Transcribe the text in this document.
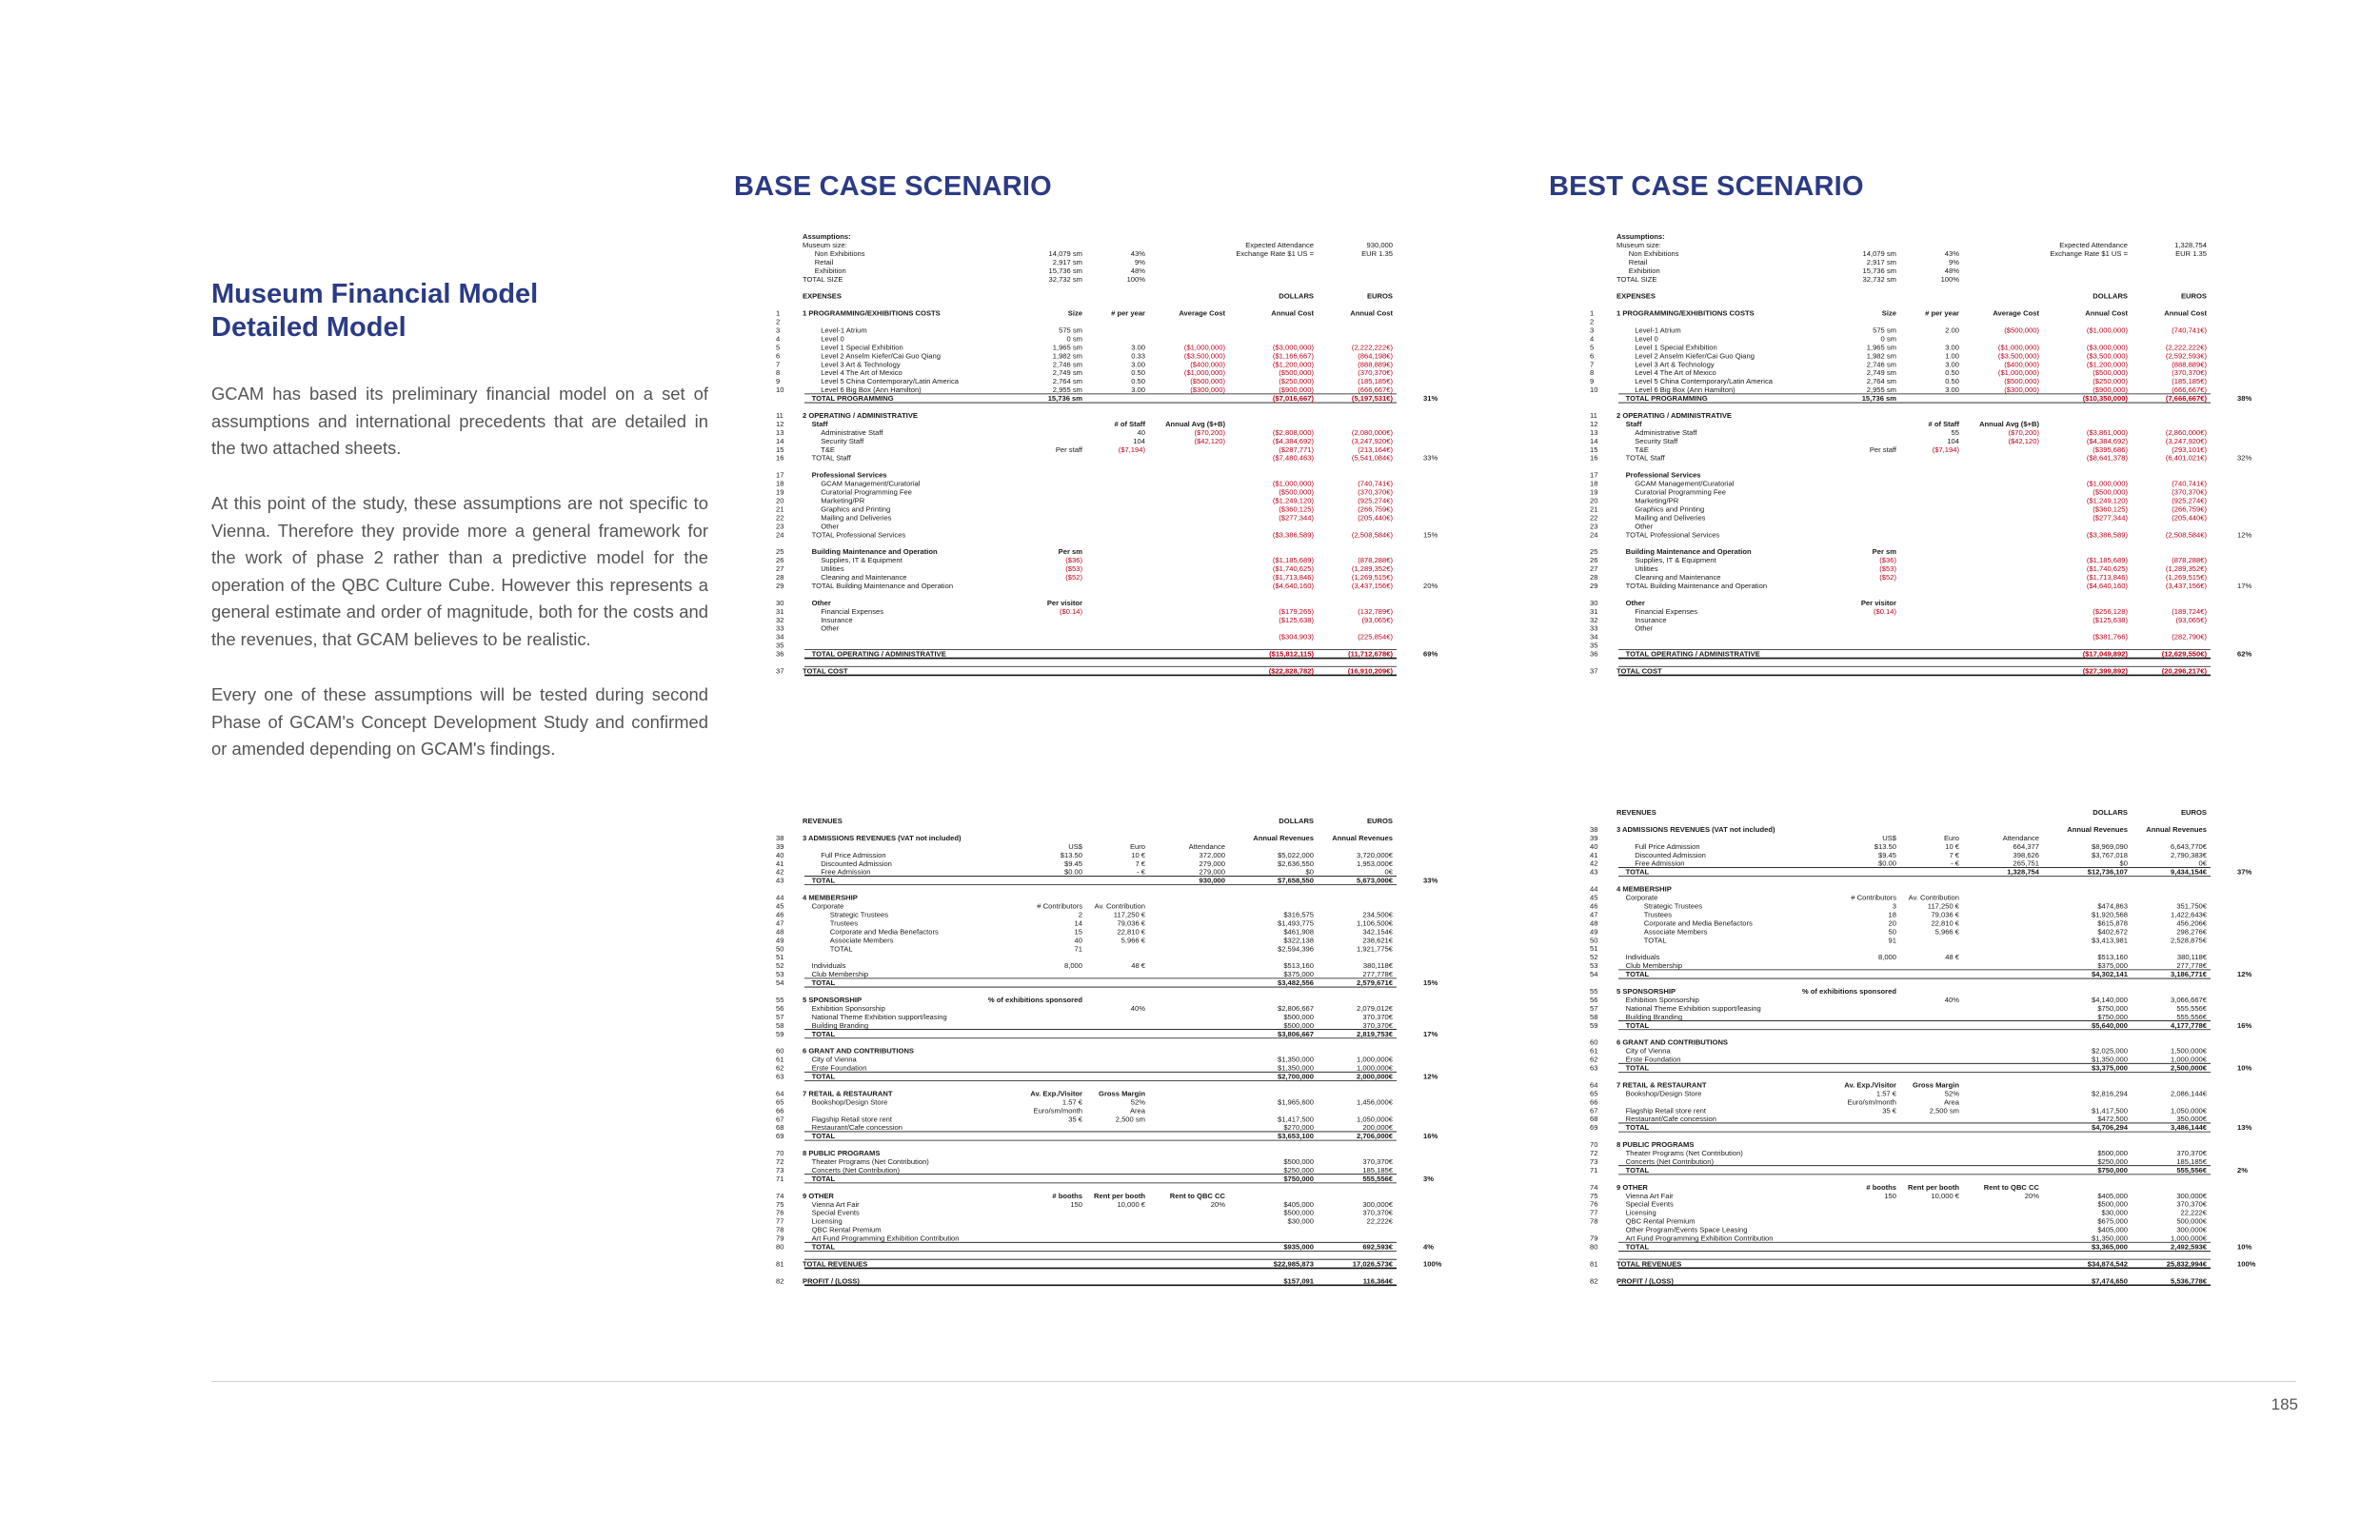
Museum Financial Model
Detailed Model
GCAM has based its preliminary financial model on a set of assumptions and international precedents that are detailed in the two attached sheets.
At this point of the study, these assumptions are not specific to Vienna. Therefore they provide more a general framework for the work of phase 2 rather than a predictive model for the operation of the QBC Culture Cube. However this represents a general estimate and order of magnitude, both for the costs and the revenues, that GCAM believes to be realistic.
Every one of these assumptions will be tested during second Phase of GCAM's Concept Development Study and confirmed or amended depending on GCAM's findings.
BASE CASE SCENARIO	BEST CASE SCENARIO
Assumptions:
Museum size:	Expected Attendance	930,000
Non Exhibitions	14,079 sm	43%	Exchange Rate $1 US =	EUR 1.35
Retail	2,917 sm	9%
Exhibition	15,736 sm	48%
TOTAL SIZE	32,732 sm	100%
EXPENSES	DOLLARS	EUROS
1	1 PROGRAMMING/EXHIBITIONS COSTS	Size	# per year	Average Cost	Annual Cost	Annual Cost
2
3	Level-1 Atrium	575 sm
4	Level 0	0 sm
5	Level 1 Special Exhibition	1,965 sm	3.00	($1,000,000)	($3,000,000)	(2,222,222€)
6	Level 2 Anselm Kiefer/Cai Guo Qiang	1,982 sm	0.33	($3,500,000)	($1,166,667)	(864,198€)
7	Level 3 Art & Technology	2,746 sm	3.00	($400,000)	($1,200,000)	(888,889€)
8	Level 4 The Art of Mexico	2,749 sm	0.50	($1,000,000)	($500,000)	(370,370€)
9	Level 5 China Contemporary/Latin America	2,764 sm	0.50	($500,000)	($250,000)	(185,185€)
10	Level 6 Big Box (Ann Hamilton)	2,955 sm	3.00	($300,000)	($900,000)	(666,667€)
TOTAL PROGRAMMING	15,736 sm	($7,016,667)	(5,197,531€)	31%
11	2 OPERATING / ADMINISTRATIVE
12	Staff	# of Staff	Annual Avg ($+B)
13	Administrative Staff	40	($70,200)	($2,808,000)	(2,080,000€)
14	Security Staff	104	($42,120)	($4,384,692)	(3,247,920€)
15	T&E	Per staff	($7,194)	($287,771)	(213,164€)
16	TOTAL Staff	($7,480,463)	(5,541,084€)	33%
17	Professional Services
18	GCAM Management/Curatorial	($1,000,000)	(740,741€)
19	Curatorial Programming Fee	($500,000)	(370,370€)
20	Marketing/PR	($1,249,120)	(925,274€)
21	Graphics and Printing	($360,125)	(266,759€)
22	Mailing and Deliveries	($277,344)	(205,440€)
23	Other
24	TOTAL Professional Services	($3,386,589)	(2,508,584€)	15%
25	Building Maintenance and Operation	Per sm
26	Supplies, IT & Equipment	($36)	($1,185,689)	(878,288€)
27	Utilities	($53)	($1,740,625)	(1,289,352€)
28	Cleaning and Maintenance	($52)	($1,713,846)	(1,269,515€)
29	TOTAL Building Maintenance and Operation	($4,640,160)	(3,437,156€)	20%
30	Other	Per visitor
31	Financial Expenses	($0.14)	($179,265)	(132,789€)
32	Insurance	($125,638)	(93,065€)
33	Other
34	($304,903)	(225,854€)
35
36	TOTAL OPERATING / ADMINISTRATIVE	($15,812,115)	(11,712,678€)	69%
37	TOTAL COST	($22,828,782)	(16,910,209€)
REVENUES	DOLLARS	EUROS
38	3 ADMISSIONS REVENUES (VAT not included)	Annual Revenues	Annual Revenues
39	US$	Euro	Attendance
40	Full Price Admission	$13.50	10 €	372,000	$5,022,000	3,720,000€
41	Discounted Admission	$9.45	7 €	279,000	$2,636,550	1,953,000€
42	Free Admission	$0.00	- €	279,000	$0	0€
43	TOTAL	930,000	$7,658,550	5,673,000€	33%
44	4 MEMBERSHIP
45	Corporate	# Contributors Av. Contribution
46	Strategic Trustees	2	117,250 €	$316,575	234,500€
47	Trustees	14	79,036 €	$1,493,775	1,106,500€
48	Corporate and Media Benefactors	15	22,810 €	$461,908	342,154€
49	Associate Members	40	5,966 €	$322,138	238,621€
50	TOTAL	71	$2,594,396	1,921,775€
51
52	Individuals	8,000	48 €	$513,160	380,118€
53	Club Membership	$375,000	277,778€
54	TOTAL	$3,482,556	2,579,671€	15%
55	5 SPONSORSHIP	% of exhibitions sponsored
56	Exhibition Sponsorship	40%	$2,806,667	2,079,012€
57	National Theme Exhibition support/leasing	$500,000	370,370€
58	Building Branding	$500,000	370,370€
59	TOTAL	$3,806,667	2,819,753€	17%
60	6 GRANT AND CONTRIBUTIONS
61	City of Vienna	$1,350,000	1,000,000€
62	Erste Foundation	$1,350,000	1,000,000€
63	TOTAL	$2,700,000	2,000,000€	12%
64	7 RETAIL & RESTAURANT	Av. Exp./Visitor Gross Margin
65	Bookshop/Design Store	1.57 €	52%	$1,965,600	1,456,000€
66	Euro/sm/month	Area
67	Flagship Retail store rent	35 €	2,500 sm	$1,417,500	1,050,000€
68	Restaurant/Cafe concession	$270,000	200,000€
69	TOTAL	$3,653,100	2,706,000€	16%
70	8 PUBLIC PROGRAMS
72	Theater Programs (Net Contribution)	$500,000	370,370€
73	Concerts (Net Contribution)	$250,000	185,185€
71	TOTAL	$750,000	555,556€	3%
74	9 OTHER	# booths Rent per booth	Rent to QBC CC
75	Vienna Art Fair	150	10,000 €	20%	$405,000	300,000€
76	Special Events	$500,000	370,370€
77	Licensing	$30,000	22,222€
78	QBC Rental Premium
79	Art Fund Programming Exhibition Contribution
80	TOTAL	$935,000	692,593€	4%
81	TOTAL REVENUES	$22,985,873	17,026,573€	100%
82	PROFIT / (LOSS)	$157,091	116,364€
Assumptions:
Museum size:	Expected Attendance	1,328,754
Non Exhibitions	14,079 sm	43%	Exchange Rate $1 US =	EUR 1.35
Retail	2,917 sm	9%
Exhibition	15,736 sm	48%
TOTAL SIZE	32,732 sm	100%
EXPENSES	DOLLARS	EUROS
1	1 PROGRAMMING/EXHIBITIONS COSTS	Size	# per year	Average Cost	Annual Cost	Annual Cost
2
3	Level-1 Atrium	575 sm	2.00	($500,000)	($1,000,000)	(740,741€)
4	Level 0	0 sm
5	Level 1 Special Exhibition	1,965 sm	3.00	($1,000,000)	($3,000,000)	(2,222,222€)
6	Level 2 Anselm Kiefer/Cai Guo Qiang	1,982 sm	1.00	($3,500,000)	($3,500,000)	(2,592,593€)
7	Level 3 Art & Technology	2,746 sm	3.00	($400,000)	($1,200,000)	(888,889€)
8	Level 4 The Art of Mexico	2,749 sm	0.50	($1,000,000)	($500,000)	(370,370€)
9	Level 5 China Contemporary/Latin America	2,764 sm	0.50	($500,000)	($250,000)	(185,185€)
10	Level 6 Big Box (Ann Hamilton)	2,955 sm	3.00	($300,000)	($900,000)	(666,667€)
TOTAL PROGRAMMING	15,736 sm	($10,350,000)	(7,666,667€)	38%
11	2 OPERATING / ADMINISTRATIVE
12	Staff	# of Staff	Annual Avg ($+B)
13	Administrative Staff	55	($70,200)	($3,861,000)	(2,860,000€)
14	Security Staff	104	($42,120)	($4,384,692)	(3,247,920€)
15	T&E	Per staff	($7,194)	($395,686)	(293,101€)
16	TOTAL Staff	($8,641,378)	(6,401,021€)	32%
17	Professional Services
18	GCAM Management/Curatorial	($1,000,000)	(740,741€)
19	Curatorial Programming Fee	($500,000)	(370,370€)
20	Marketing/PR	($1,249,120)	(925,274€)
21	Graphics and Printing	($360,125)	(266,759€)
22	Mailing and Deliveries	($277,344)	(205,440€)
23	Other
24	TOTAL Professional Services	($3,386,589)	(2,508,584€)	12%
25	Building Maintenance and Operation	Per sm
26	Supplies, IT & Equipment	($36)	($1,185,689)	(878,288€)
27	Utilities	($53)	($1,740,625)	(1,289,352€)
28	Cleaning and Maintenance	($52)	($1,713,846)	(1,269,515€)
29	TOTAL Building Maintenance and Operation	($4,640,160)	(3,437,156€)	17%
30	Other	Per visitor
31	Financial Expenses	($0.14)	($256,128)	(189,724€)
32	Insurance	($125,638)	(93,065€)
33	Other
34	($381,766)	(282,790€)
35
36	TOTAL OPERATING / ADMINISTRATIVE	($17,049,892)	(12,629,550€)	62%
37	TOTAL COST	($27,399,892)	(20,296,217€)
REVENUES	DOLLARS	EUROS
38	3 ADMISSIONS REVENUES (VAT not included)	Annual Revenues	Annual Revenues
39	US$	Euro	Attendance
40	Full Price Admission	$13.50	10 €	664,377	$8,969,090	6,643,770€
41	Discounted Admission	$9.45	7 €	398,626	$3,767,018	2,790,383€
42	Free Admission	$0.00	- €	265,751	$0	0€
43	TOTAL	1,328,754	$12,736,107	9,434,154€	37%
44	4 MEMBERSHIP
45	Corporate	# Contributors Av. Contribution
46	Strategic Trustees	3	117,250 €	$474,863	351,750€
47	Trustees	18	79,036 €	$1,920,568	1,422,643€
48	Corporate and Media Benefactors	20	22,810 €	$615,878	456,206€
49	Associate Members	50	5,966 €	$402,672	298,276€
50	TOTAL	91	$3,413,981	2,528,875€
51
52	Individuals	8,000	48 €	$513,160	380,118€
53	Club Membership	$375,000	277,778€
54	TOTAL	$4,302,141	3,186,771€	12%
55	5 SPONSORSHIP	% of exhibitions sponsored
56	Exhibition Sponsorship	40%	$4,140,000	3,066,667€
57	National Theme Exhibition support/leasing	$750,000	555,556€
58	Building Branding	$750,000	555,556€
59	TOTAL	$5,640,000	4,177,778€	16%
60	6 GRANT AND CONTRIBUTIONS
61	City of Vienna	$2,025,000	1,500,000€
62	Erste Foundation	$1,350,000	1,000,000€
63	TOTAL	$3,375,000	2,500,000€	10%
64	7 RETAIL & RESTAURANT	Av. Exp./Visitor Gross Margin
65	Bookshop/Design Store	1.57 €	52%	$2,816,294	2,086,144€
66	Euro/sm/month	Area
67	Flagship Retail store rent	35 €	2,500 sm	$1,417,500	1,050,000€
68	Restaurant/Cafe concession	$472,500	350,000€
69	TOTAL	$4,706,294	3,486,144€	13%
70	8 PUBLIC PROGRAMS
72	Theater Programs (Net Contribution)	$500,000	370,370€
73	Concerts (Net Contribution)	$250,000	185,185€
71	TOTAL	$750,000	555,556€	2%
74	9 OTHER	# booths Rent per booth	Rent to QBC CC
75	Vienna Art Fair	150	10,000 €	20%	$405,000	300,000€
76	Special Events	$500,000	370,370€
77	Licensing	$30,000	22,222€
78	QBC Rental Premium	$675,000	500,000€
Other Program/Events Space Leasing	$405,000	300,000€
79	Art Fund Programming Exhibition Contribution	$1,350,000	1,000,000€
80	TOTAL	$3,365,000	2,492,593€	10%
81	TOTAL REVENUES	$34,874,542	25,832,994€	100%
82	PROFIT / (LOSS)	$7,474,650	5,536,778€
185
